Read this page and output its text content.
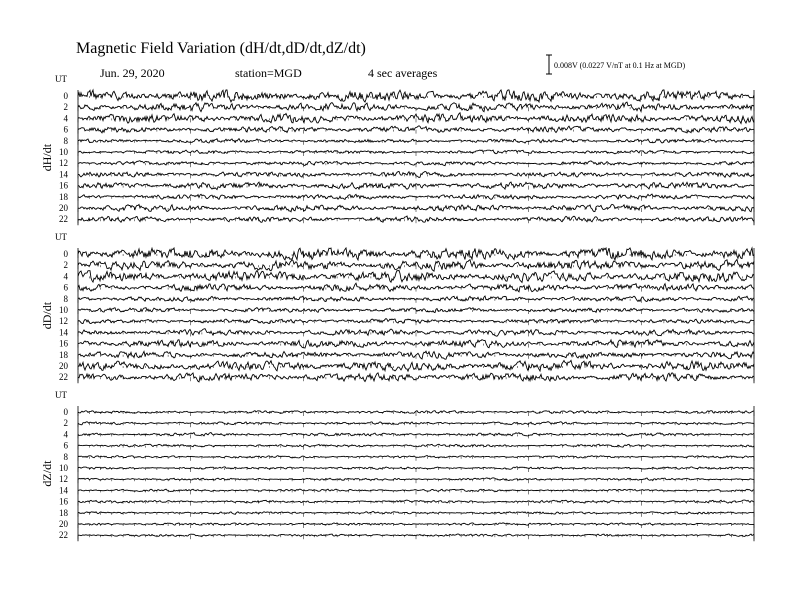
Magnetic Field Variation (dH/dt,dD/dt,dZ/dt)
Jun. 29, 2020	station=MGD	4 sec averages
0.008V (0.0227 V/nT at 0.1 Hz at MGD)
UT
dH/dt
0
2
4
6
8
10
12
14
16
18
20
22
UT
dD/dt
0
2
4
6
8
10
12
14
16
18
20
22
UT
dZ/dt
0
2
4
6
8
10
12
14
16
18
20
22
